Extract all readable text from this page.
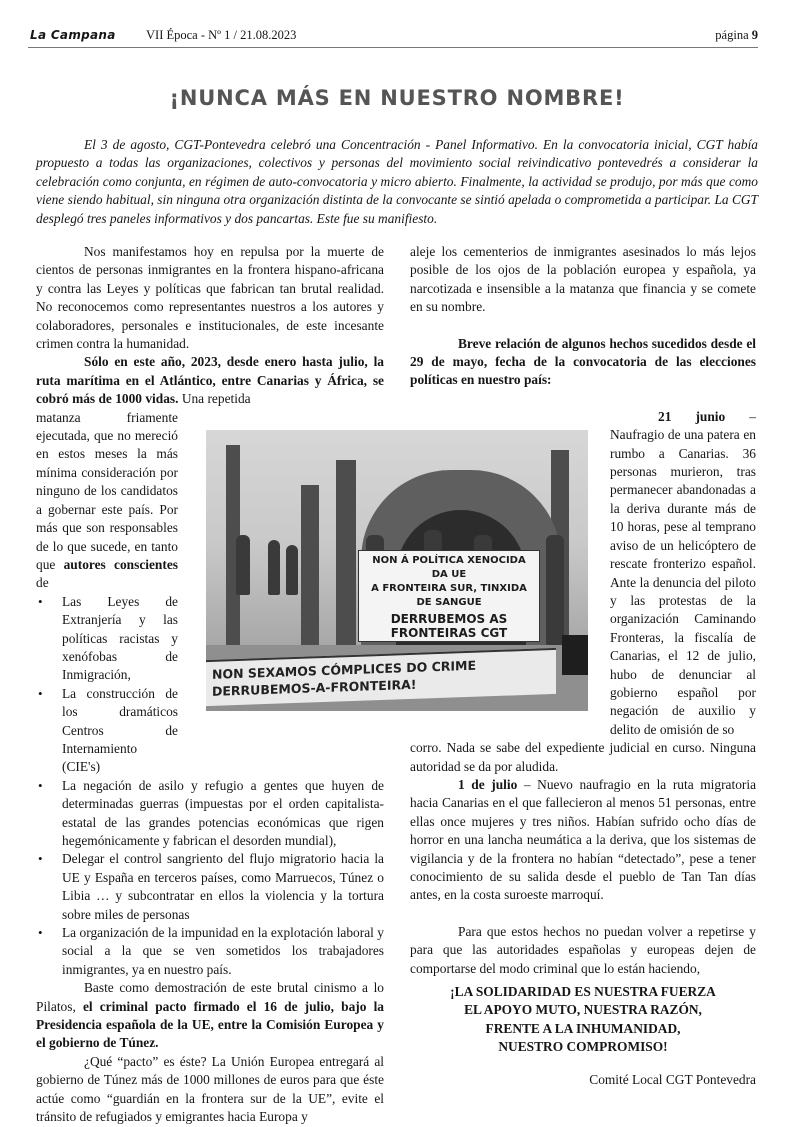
La Campana VII Época - Nº 1 / 21.08.2023	página 9
¡NUNCA MÁS EN NUESTRO NOMBRE!

El 3 de agosto, CGT-Pontevedra celebró una Concentración - Panel Informativo. En la convocatoria inicial, CGT había propuesto a todas las organizaciones, colectivos y personas del movimiento social reivindicativo pontevedrés a considerar la celebración como conjunta, en régimen de auto-convocatoria y micro abierto. Finalmente, la actividad se produjo, por más que como viene siendo habitual, sin ninguna otra organización distinta de la convocante se sintió apelada o comprometida a participar. La CGT desplegó tres paneles informativos y dos pancartas. Este fue su manifiesto.

Nos manifestamos hoy en repulsa por la muerte de cientos de personas inmigrantes en la frontera hispano-africana y contra las Leyes y políticas que fabrican tan brutal realidad. No reconocemos como representantes nuestros a los autores y colaboradores, personales e institucionales, de este incesante crimen contra la humanidad.

Sólo en este año, 2023, desde enero hasta julio, la ruta marítima en el Atlántico, entre Canarias y África, se cobró más de 1000 vidas. Una repetida

matanza friamente ejecutada, que no mereció en estos meses la más mínima consideración por ninguno de los candidatos a gobernar este país. Por más que son responsables de lo que sucede, en tanto que autores conscientes de
• Las Leyes de Extranjería y las políticas racistas y xenófobas de Inmigración,
• La construcción de los dramáticos Centros de Internamiento (CIE's)
• La negación de asilo y refugio a gentes que huyen de determinadas guerras (impuestas por el orden capitalista-estatal de las grandes potencias económicas que rigen hegemónicamente y fabrican el desorden mundial),
• Delegar el control sangriento del flujo migratorio hacia la UE y España en terceros países, como Marruecos, Túnez o Libia … y subcontratar en ellos la violencia y la tortura sobre miles de personas
• La organización de la impunidad en la explotación laboral y social a la que se ven sometidos los trabajadores inmigrantes, ya en nuestro país.

Baste como demostración de este brutal cinismo a lo Pilatos, el criminal pacto firmado el 16 de julio, bajo la Presidencia española de la UE, entre la Comisión Europea y el gobierno de Túnez.

¿Qué “pacto” es éste? La Unión Europea entregará al gobierno de Túnez más de 1000 millones de euros para que éste actúe como “guardián en la frontera sur de la UE”, evite el tránsito de refugiados y emigrantes hacia Europa y

aleje los cementerios de inmigrantes asesinados lo más lejos posible de los ojos de la población europea y española, ya narcotizada e insensible a la matanza que financia y se comete en su nombre.

Breve relación de algunos hechos sucedidos desde el 29 de mayo, fecha de la convocatoria de las elecciones políticas en nuestro país:

21 junio – Naufragio de una patera en rumbo a Canarias. 36 personas murieron, tras permanecer abandonadas a la deriva durante más de 10 horas, pese al temprano aviso de un helicóptero de rescate fronterizo español. Ante la denuncia del piloto y las protestas de la organización Caminando Fronteras, la fiscalía de Canarias, el 12 de julio, hubo de denunciar al gobierno español por negación de auxilio y delito de omisión de so

corro. Nada se sabe del expediente judicial en curso. Ninguna autoridad se da por aludida.

1 de julio – Nuevo naufragio en la ruta migratoria hacia Canarias en el que fallecieron al menos 51 personas, entre ellas once mujeres y tres niños. Habían sufrido ocho días de horror en una lancha neumática a la deriva, que los sistemas de vigilancia y de la frontera no habían “detectado”, pese a tener conocimiento de su salida desde el pueblo de Tan Tan días antes, en la costa suroeste marroquí.

Para que estos hechos no puedan volver a repetirse y para que las autoridades españolas y europeas dejen de comportarse del modo criminal que lo están haciendo,

NON Á POLÍTICA XENOCIDA DA UE
A FRONTEIRA SUR, TINXIDA DE SANGUE
DERRUBEMOS AS FRONTEIRAS CGT
NON SEXAMOS CÓMPLICES DO CRIME
DERRUBEMOS-A-FRONTEIRA!
¡LA SOLIDARIDAD ES NUESTRA FUERZA
EL APOYO MUTO, NUESTRA RAZÓN,
FRENTE A LA INHUMANIDAD,
NUESTRO COMPROMISO!
Comité Local CGT Pontevedra
